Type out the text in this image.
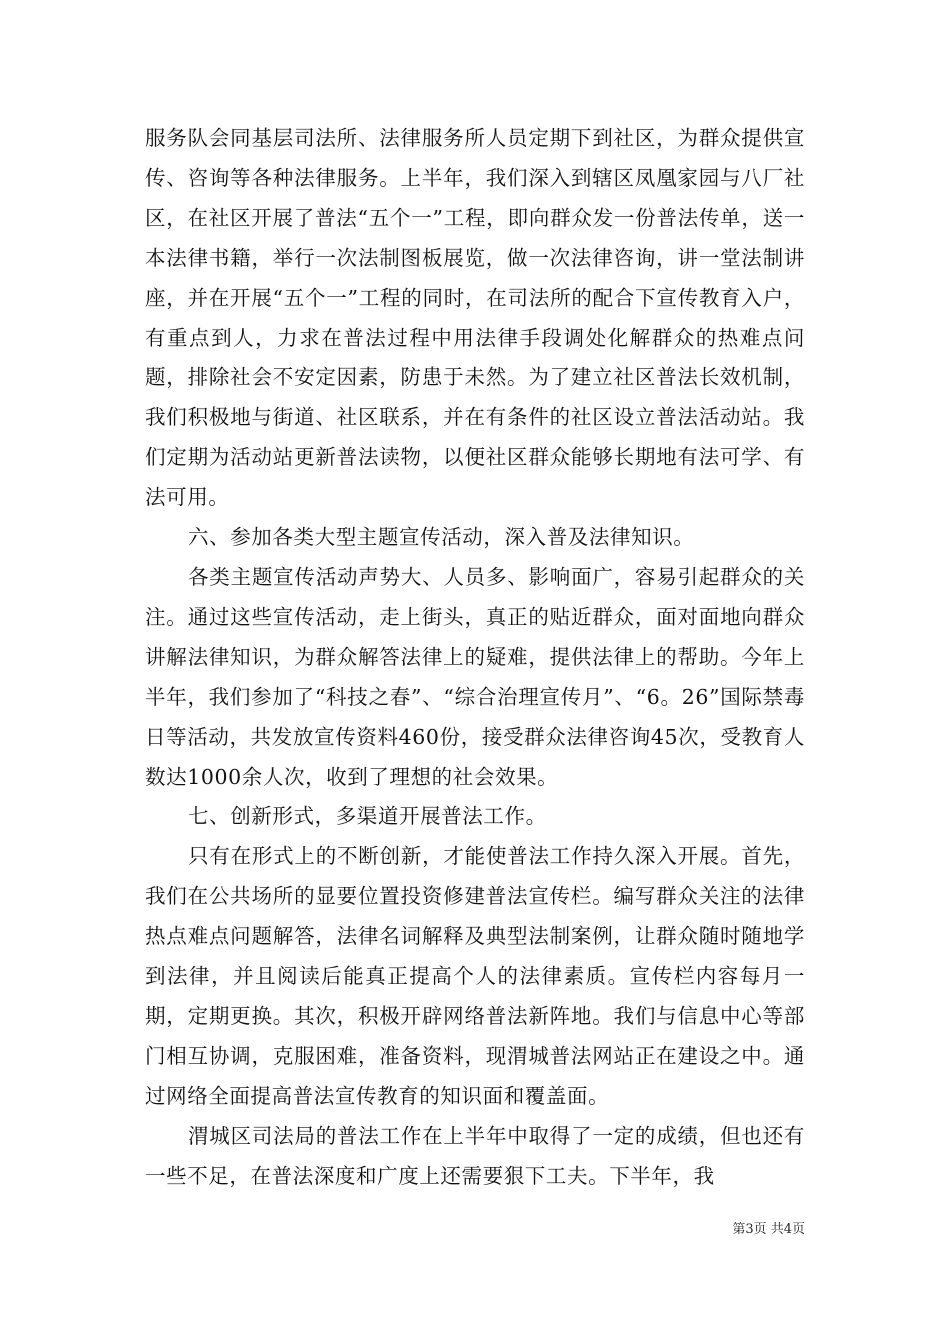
服务队会同基层司法所、法律服务所人员定期下到社区，为群众提供宣传、咨询等各种法律服务。上半年，我们深入到辖区凤凰家园与八厂社区，在社区开展了普法“五个一”工程，即向群众发一份普法传单，送一本法律书籍，举行一次法制图板展览，做一次法律咨询，讲一堂法制讲座，并在开展“五个一”工程的同时，在司法所的配合下宣传教育入户，有重点到人，力求在普法过程中用法律手段调处化解群众的热难点问题，排除社会不安定因素，防患于未然。为了建立社区普法长效机制，我们积极地与街道、社区联系，并在有条件的社区设立普法活动站。我们定期为活动站更新普法读物，以便社区群众能够长期地有法可学、有法可用。

六、参加各类大型主题宣传活动，深入普及法律知识。

各类主题宣传活动声势大、人员多、影响面广，容易引起群众的关注。通过这些宣传活动，走上街头，真正的贴近群众，面对面地向群众讲解法律知识，为群众解答法律上的疑难，提供法律上的帮助。今年上半年，我们参加了“科技之春”、“综合治理宣传月”、“6。26”国际禁毒日等活动，共发放宣传资料460份，接受群众法律咨询45次，受教育人数达1000余人次，收到了理想的社会效果。

七、创新形式，多渠道开展普法工作。

只有在形式上的不断创新，才能使普法工作持久深入开展。首先，我们在公共场所的显要位置投资修建普法宣传栏。编写群众关注的法律热点难点问题解答，法律名词解释及典型法制案例，让群众随时随地学到法律，并且阅读后能真正提高个人的法律素质。宣传栏内容每月一期，定期更换。其次，积极开辟网络普法新阵地。我们与信息中心等部门相互协调，克服困难，准备资料，现渭城普法网站正在建设之中。通过网络全面提高普法宣传教育的知识面和覆盖面。

渭城区司法局的普法工作在上半年中取得了一定的成绩，但也还有一些不足，在普法深度和广度上还需要狠下工夫。下半年，我

第3页 共4页
